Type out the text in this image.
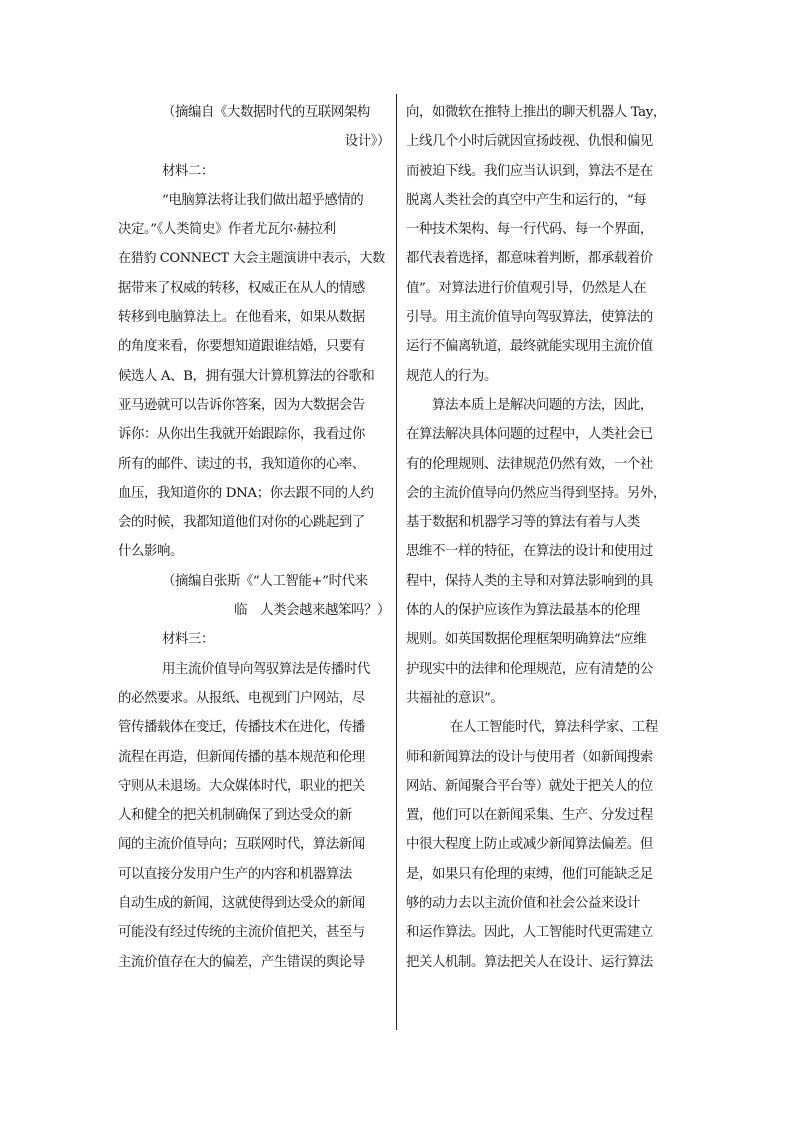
（摘编自《大数据时代的互联网架构
设计》）
材料二：
“电脑算法将让我们做出超乎感情的
决定。”《人类简史》作者尤瓦尔·赫拉利
在猎豹 CONNECT 大会主题演讲中表示，大数
据带来了权威的转移，权威正在从人的情感
转移到电脑算法上。在他看来，如果从数据
的角度来看，你要想知道跟谁结婚，只要有
候选人 A、B，拥有强大计算机算法的谷歌和
亚马逊就可以告诉你答案，因为大数据会告
诉你：从你出生我就开始跟踪你，我看过你
所有的邮件、读过的书，我知道你的心率、
血压，我知道你的 DNA；你去跟不同的人约
会的时候，我都知道他们对你的心跳起到了
什么影响。
（摘编自张斯《“人工智能+”时代来
临　人类会越来越笨吗？）
材料三：
用主流价值导向驾驭算法是传播时代
的必然要求。从报纸、电视到门户网站，尽
管传播载体在变迁，传播技术在进化，传播
流程在再造，但新闻传播的基本规范和伦理
守则从未退场。大众媒体时代，职业的把关
人和健全的把关机制确保了到达受众的新
闻的主流价值导向；互联网时代，算法新闻
可以直接分发用户生产的内容和机器算法
自动生成的新闻，这就使得到达受众的新闻
可能没有经过传统的主流价值把关，甚至与
主流价值存在大的偏差，产生错误的舆论导
向，如微软在推特上推出的聊天机器人 Tay，
上线几个小时后就因宣扬歧视、仇恨和偏见
而被迫下线。我们应当认识到，算法不是在
脱离人类社会的真空中产生和运行的，“每
一种技术架构、每一行代码、每一个界面，
都代表着选择，都意味着判断，都承载着价
值”。对算法进行价值观引导，仍然是人在
引导。用主流价值导向驾驭算法，使算法的
运行不偏离轨道，最终就能实现用主流价值
规范人的行为。
算法本质上是解决问题的方法，因此，
在算法解决具体问题的过程中，人类社会已
有的伦理规则、法律规范仍然有效，一个社
会的主流价值导向仍然应当得到坚持。另外，
基于数据和机器学习等的算法有着与人类
思维不一样的特征，在算法的设计和使用过
程中，保持人类的主导和对算法影响到的具
体的人的保护应该作为算法最基本的伦理
规则。如英国数据伦理框架明确算法“应维
护现实中的法律和伦理规范，应有清楚的公
共福祉的意识”。
在人工智能时代，算法科学家、工程
师和新闻算法的设计与使用者（如新闻搜索
网站、新闻聚合平台等）就处于把关人的位
置，他们可以在新闻采集、生产、分发过程
中很大程度上防止或减少新闻算法偏差。但
是，如果只有伦理的束缚，他们可能缺乏足
够的动力去以主流价值和社会公益来设计
和运作算法。因此，人工智能时代更需建立
把关人机制。算法把关人在设计、运行算法
